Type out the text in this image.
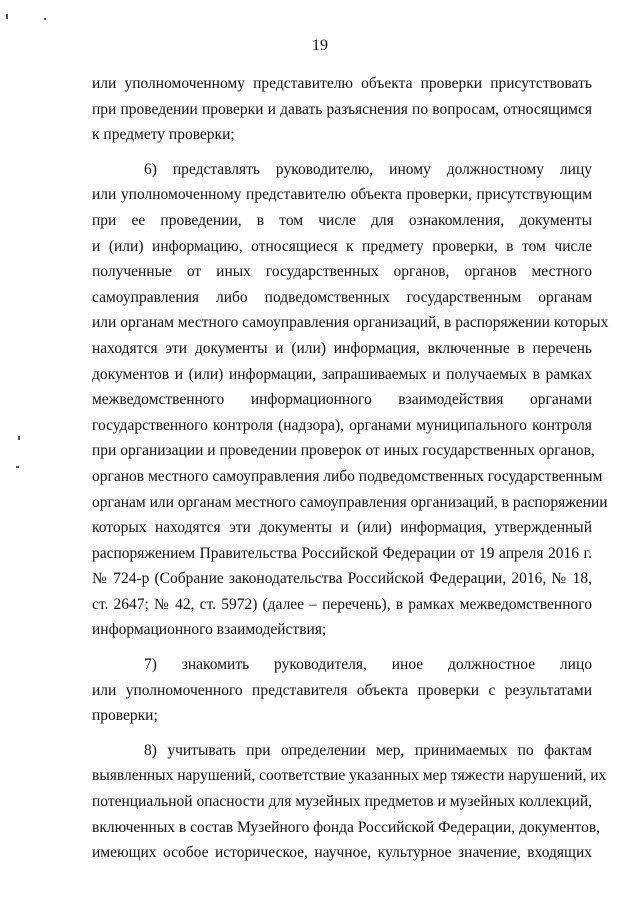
19
или уполномоченному представителю объекта проверки присутствовать
при проведении проверки и давать разъяснения по вопросам, относящимся
к предмету проверки;
6) представлять руководителю, иному должностному лицу
или уполномоченному представителю объекта проверки, присутствующим
при ее проведении, в том числе для ознакомления, документы
и (или) информацию, относящиеся к предмету проверки, в том числе
полученные от иных государственных органов, органов местного
самоуправления либо подведомственных государственным органам
или органам местного самоуправления организаций, в распоряжении которых
находятся эти документы и (или) информация, включенные в перечень
документов и (или) информации, запрашиваемых и получаемых в рамках
межведомственного информационного взаимодействия органами
государственного контроля (надзора), органами муниципального контроля
при организации и проведении проверок от иных государственных органов,
органов местного самоуправления либо подведомственных государственным
органам или органам местного самоуправления организаций, в распоряжении
которых находятся эти документы и (или) информация, утвержденный
распоряжением Правительства Российской Федерации от 19 апреля 2016 г.
№ 724-р (Собрание законодательства Российской Федерации, 2016, № 18,
ст. 2647; № 42, ст. 5972) (далее – перечень), в рамках межведомственного
информационного взаимодействия;
7) знакомить руководителя, иное должностное лицо
или уполномоченного представителя объекта проверки с результатами
проверки;
8) учитывать при определении мер, принимаемых по фактам
выявленных нарушений, соответствие указанных мер тяжести нарушений, их
потенциальной опасности для музейных предметов и музейных коллекций,
включенных в состав Музейного фонда Российской Федерации, документов,
имеющих особое историческое, научное, культурное значение, входящих
